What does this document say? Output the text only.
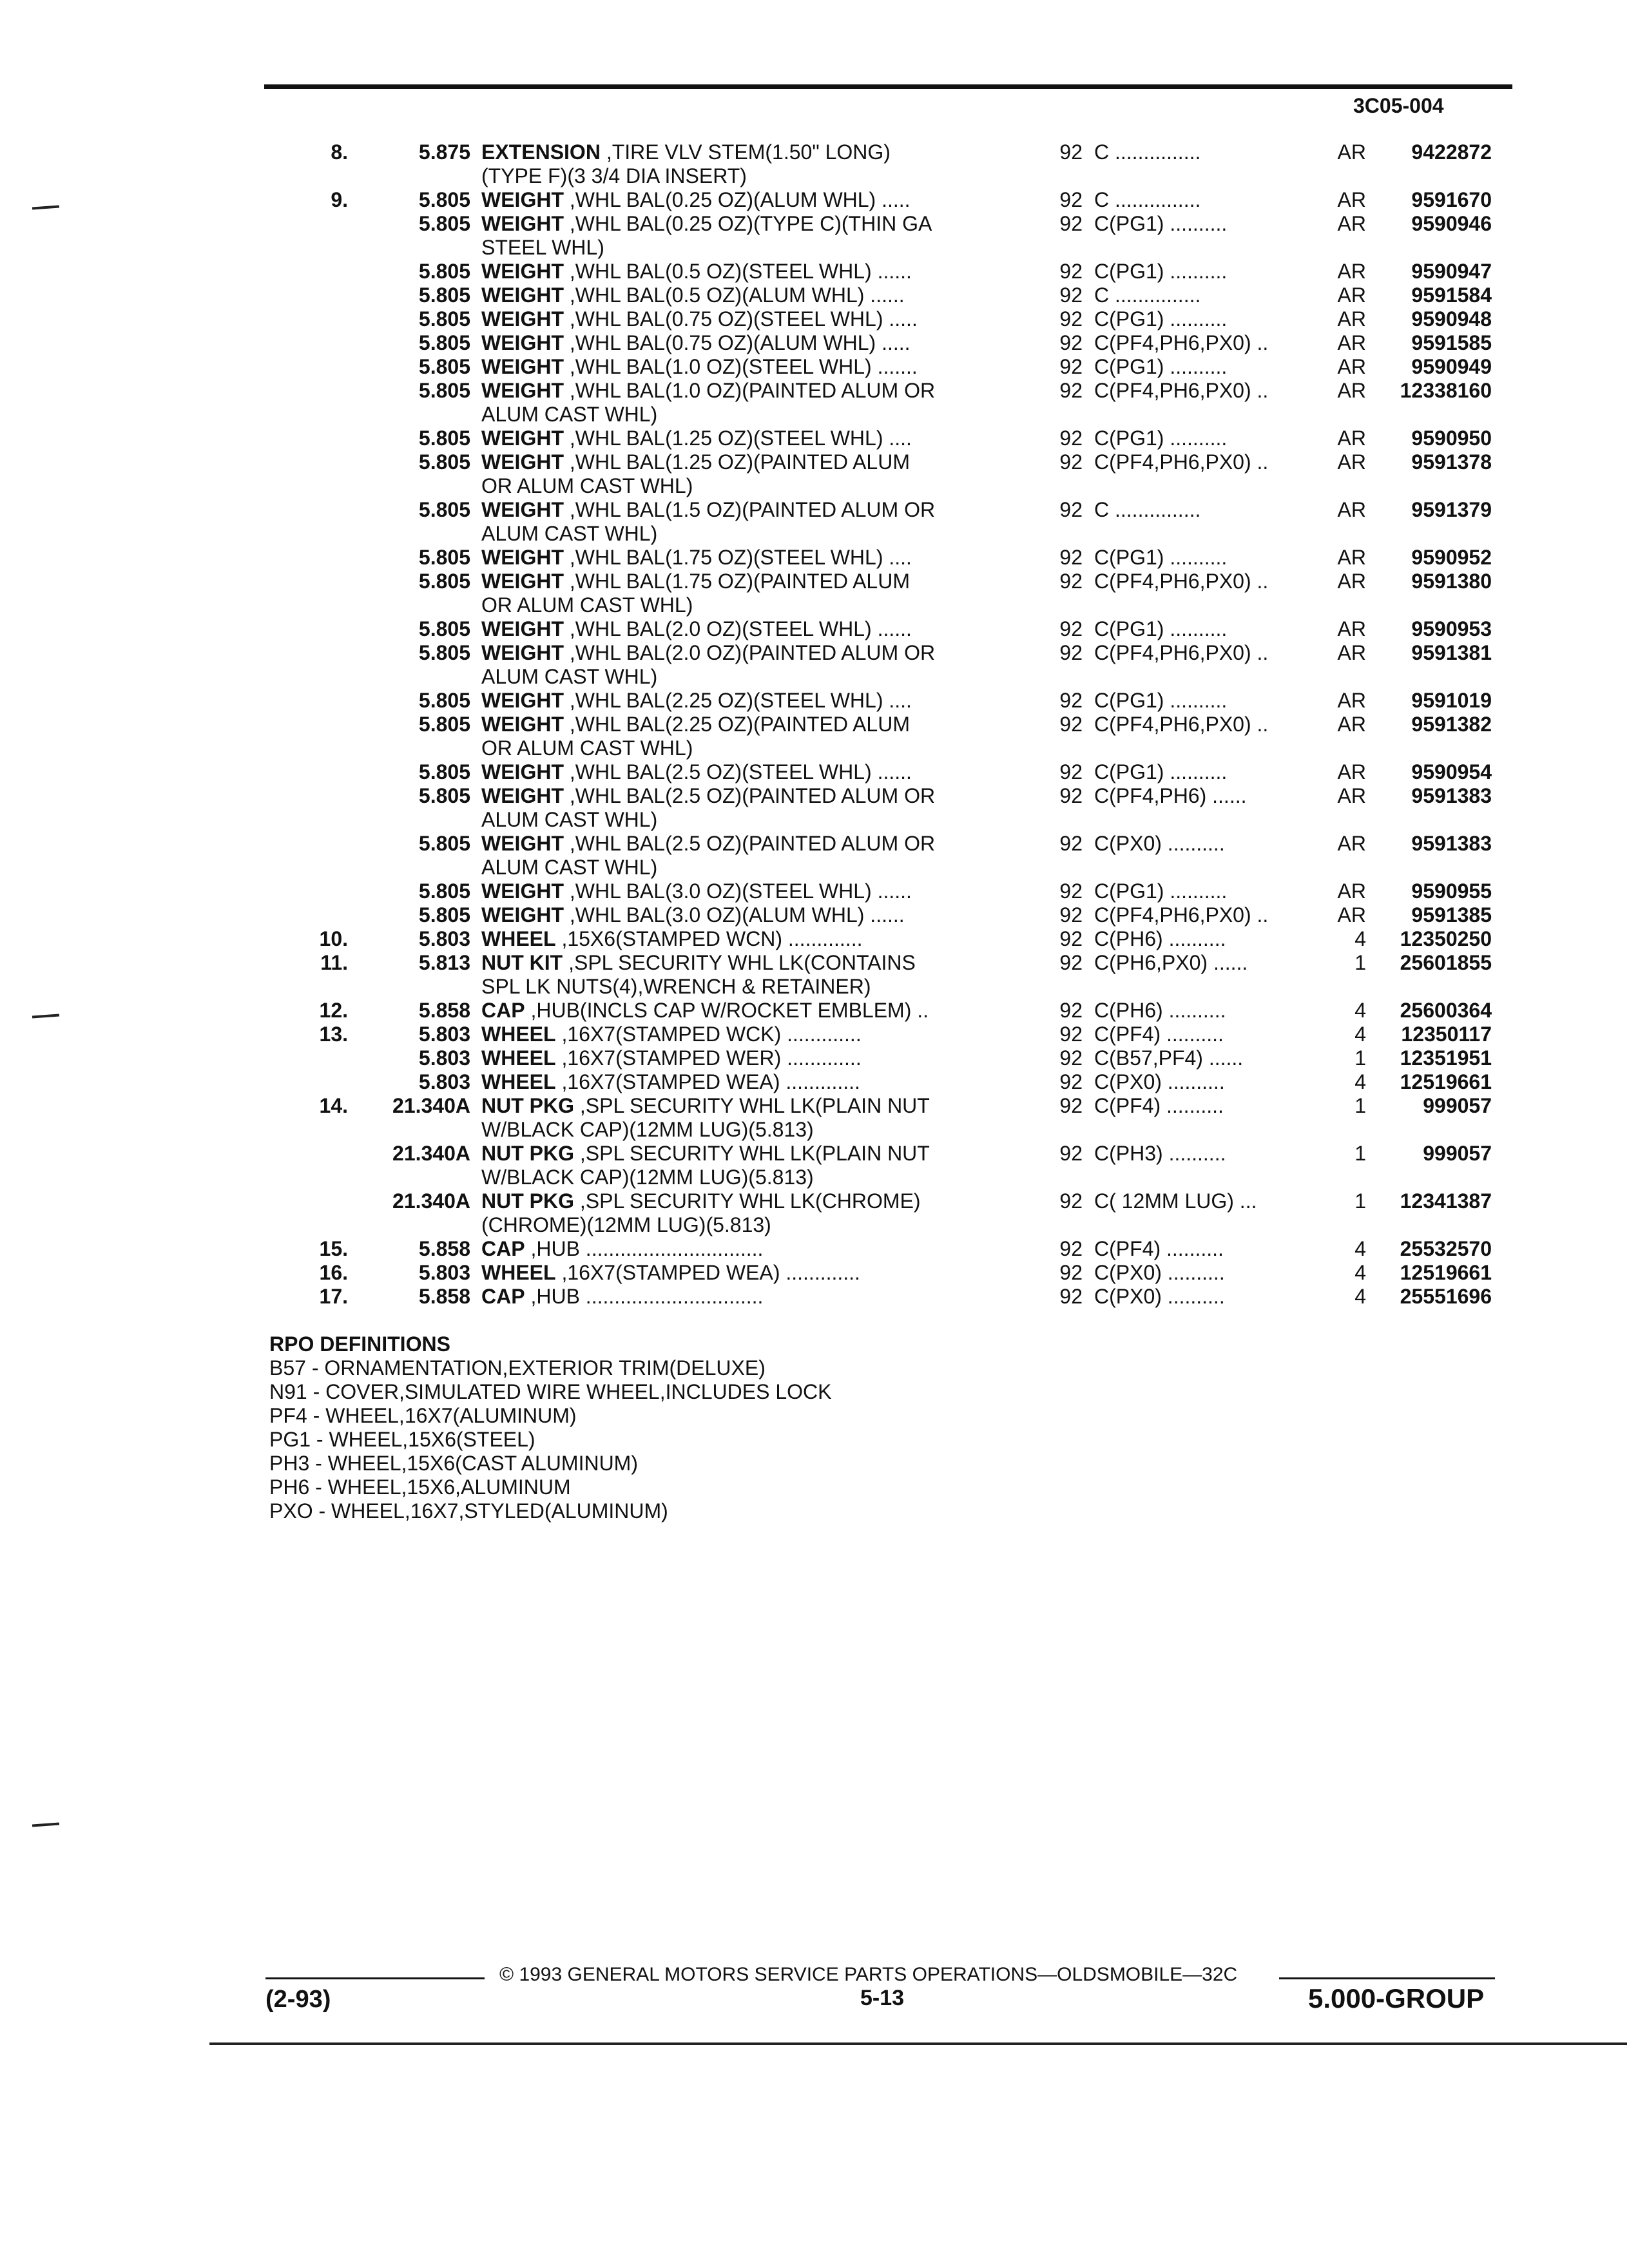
3C05-004
8.	5.875 EXTENSION ,TIRE VLV STEM(1.50" LONG)	92 C ...............	AR	9422872
(TYPE F)(3 3/4 DIA INSERT)
9.	5.805 WEIGHT ,WHL BAL(0.25 OZ)(ALUM WHL) .....	92 C ...............	AR	9591670
5.805 WEIGHT ,WHL BAL(0.25 OZ)(TYPE C)(THIN GA	92 C(PG1) ..........	AR	9590946
STEEL WHL)
5.805 WEIGHT ,WHL BAL(0.5 OZ)(STEEL WHL) ......	92 C(PG1) ..........	AR	9590947
5.805 WEIGHT ,WHL BAL(0.5 OZ)(ALUM WHL) ......	92 C ...............	AR	9591584
5.805 WEIGHT ,WHL BAL(0.75 OZ)(STEEL WHL) .....	92 C(PG1) ..........	AR	9590948
5.805 WEIGHT ,WHL BAL(0.75 OZ)(ALUM WHL) .....	92 C(PF4,PH6,PX0) ..	AR	9591585
5.805 WEIGHT ,WHL BAL(1.0 OZ)(STEEL WHL) .......	92 C(PG1) ..........	AR	9590949
5.805 WEIGHT ,WHL BAL(1.0 OZ)(PAINTED ALUM OR	92 C(PF4,PH6,PX0) ..	AR	12338160
ALUM CAST WHL)
5.805 WEIGHT ,WHL BAL(1.25 OZ)(STEEL WHL) ....	92 C(PG1) ..........	AR	9590950
5.805 WEIGHT ,WHL BAL(1.25 OZ)(PAINTED ALUM	92 C(PF4,PH6,PX0) ..	AR	9591378
OR ALUM CAST WHL)
5.805 WEIGHT ,WHL BAL(1.5 OZ)(PAINTED ALUM OR	92 C ...............	AR	9591379
ALUM CAST WHL)
5.805 WEIGHT ,WHL BAL(1.75 OZ)(STEEL WHL) ....	92 C(PG1) ..........	AR	9590952
5.805 WEIGHT ,WHL BAL(1.75 OZ)(PAINTED ALUM	92 C(PF4,PH6,PX0) ..	AR	9591380
OR ALUM CAST WHL)
5.805 WEIGHT ,WHL BAL(2.0 OZ)(STEEL WHL) ......	92 C(PG1) ..........	AR	9590953
5.805 WEIGHT ,WHL BAL(2.0 OZ)(PAINTED ALUM OR	92 C(PF4,PH6,PX0) ..	AR	9591381
ALUM CAST WHL)
5.805 WEIGHT ,WHL BAL(2.25 OZ)(STEEL WHL) ....	92 C(PG1) ..........	AR	9591019
5.805 WEIGHT ,WHL BAL(2.25 OZ)(PAINTED ALUM	92 C(PF4,PH6,PX0) ..	AR	9591382
OR ALUM CAST WHL)
5.805 WEIGHT ,WHL BAL(2.5 OZ)(STEEL WHL) ......	92 C(PG1) ..........	AR	9590954
5.805 WEIGHT ,WHL BAL(2.5 OZ)(PAINTED ALUM OR	92 C(PF4,PH6) ......	AR	9591383
ALUM CAST WHL)
5.805 WEIGHT ,WHL BAL(2.5 OZ)(PAINTED ALUM OR	92 C(PX0) ..........	AR	9591383
ALUM CAST WHL)
5.805 WEIGHT ,WHL BAL(3.0 OZ)(STEEL WHL) ......	92 C(PG1) ..........	AR	9590955
5.805 WEIGHT ,WHL BAL(3.0 OZ)(ALUM WHL) ......	92 C(PF4,PH6,PX0) ..	AR	9591385
10.	5.803 WHEEL ,15X6(STAMPED WCN) .............	92 C(PH6) ..........	4	12350250
11.	5.813 NUT KIT ,SPL SECURITY WHL LK(CONTAINS	92 C(PH6,PX0) ......	1	25601855
SPL LK NUTS(4),WRENCH & RETAINER)
12.	5.858 CAP ,HUB(INCLS CAP W/ROCKET EMBLEM) ..	92 C(PH6) ..........	4	25600364
13.	5.803 WHEEL ,16X7(STAMPED WCK) .............	92 C(PF4) ..........	4	12350117
5.803 WHEEL ,16X7(STAMPED WER) .............	92 C(B57,PF4) ......	1	12351951
5.803 WHEEL ,16X7(STAMPED WEA) .............	92 C(PX0) ..........	4	12519661
14.	21.340A NUT PKG ,SPL SECURITY WHL LK(PLAIN NUT	92 C(PF4) ..........	1	999057
W/BLACK CAP)(12MM LUG)(5.813)
21.340A NUT PKG ,SPL SECURITY WHL LK(PLAIN NUT	92 C(PH3) ..........	1	999057
W/BLACK CAP)(12MM LUG)(5.813)
21.340A NUT PKG ,SPL SECURITY WHL LK(CHROME)	92 C( 12MM LUG) ...	1	12341387
(CHROME)(12MM LUG)(5.813)
15.	5.858 CAP ,HUB ...............................	92 C(PF4) ..........	4	25532570
16.	5.803 WHEEL ,16X7(STAMPED WEA) .............	92 C(PX0) ..........	4	12519661
17.	5.858 CAP ,HUB ...............................	92 C(PX0) ..........	4	25551696
RPO DEFINITIONS
B57 - ORNAMENTATION,EXTERIOR TRIM(DELUXE)
N91 - COVER,SIMULATED WIRE WHEEL,INCLUDES LOCK
PF4 - WHEEL,16X7(ALUMINUM)
PG1 - WHEEL,15X6(STEEL)
PH3 - WHEEL,15X6(CAST ALUMINUM)
PH6 - WHEEL,15X6,ALUMINUM
PXO - WHEEL,16X7,STYLED(ALUMINUM)
© 1993 GENERAL MOTORS SERVICE PARTS OPERATIONS—OLDSMOBILE—32C
(2-93)	5-13	5.000-GROUP
